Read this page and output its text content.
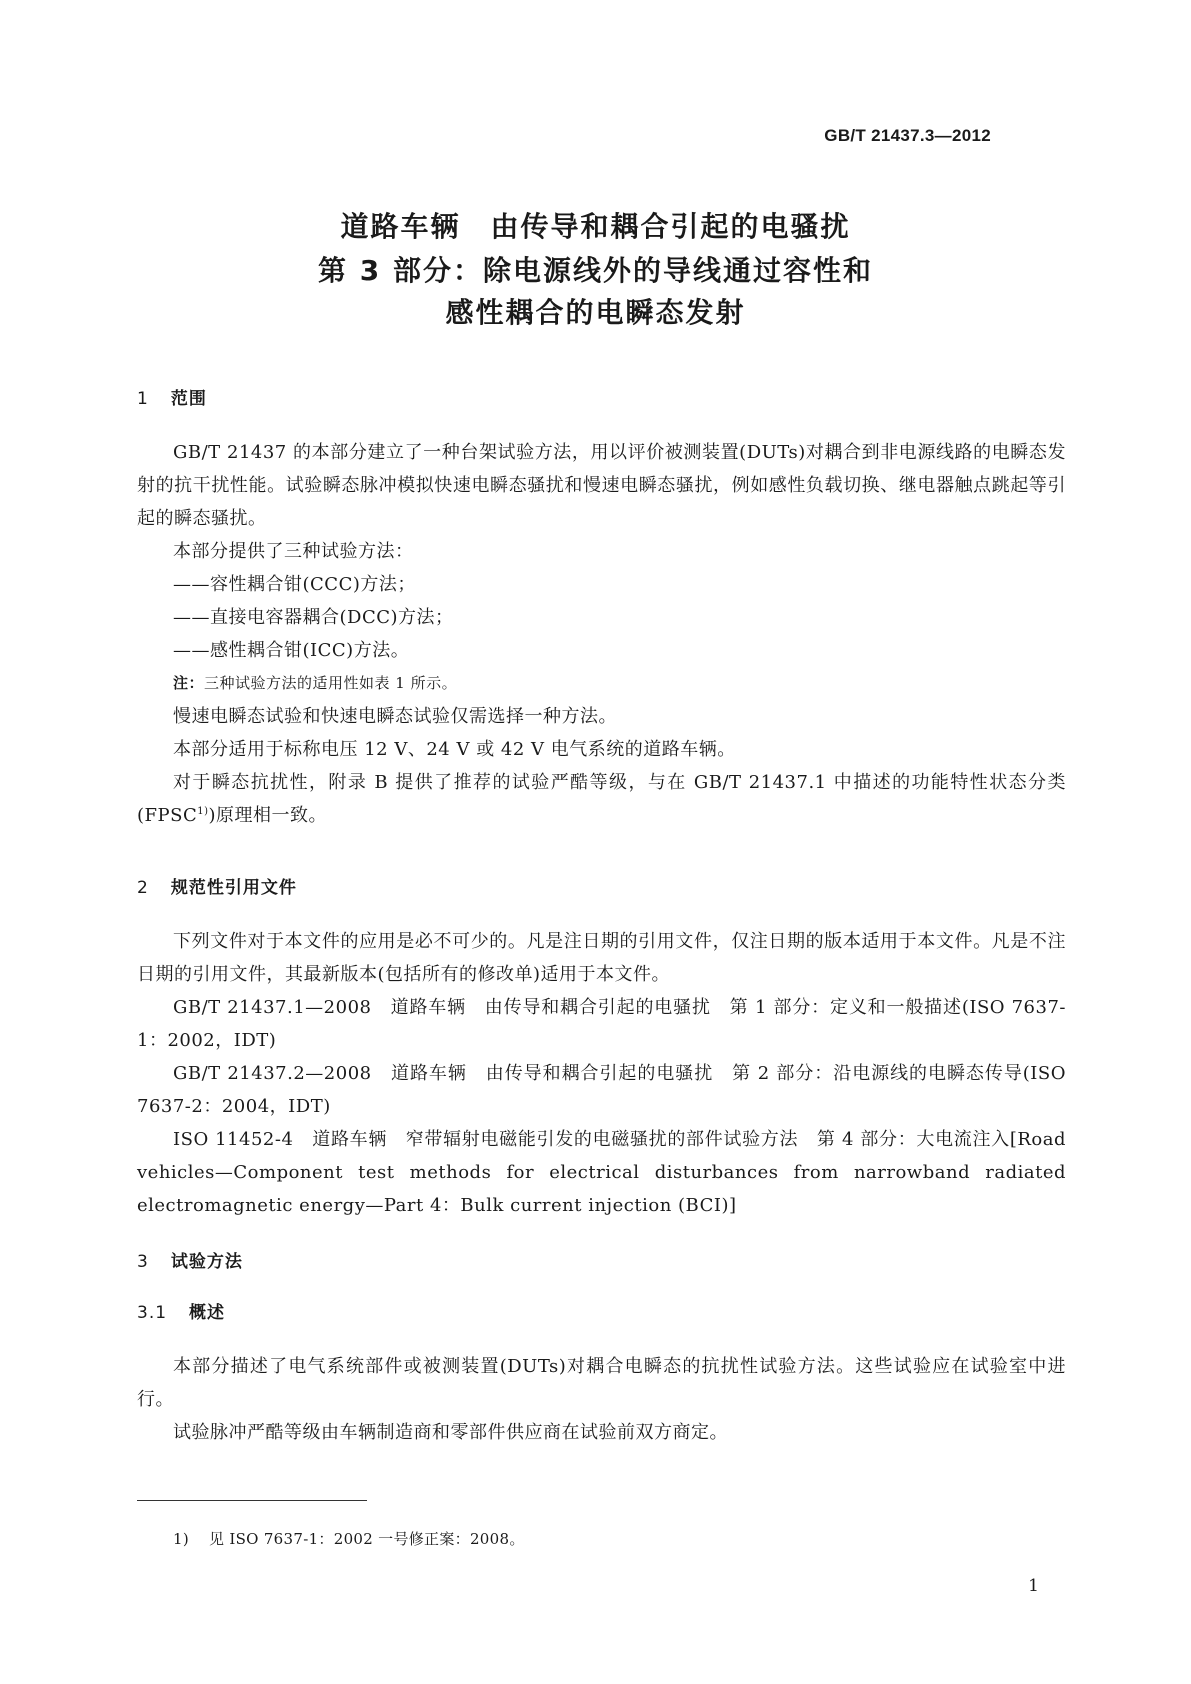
GB/T 21437.3—2012
道路车辆　由传导和耦合引起的电骚扰
第 3 部分：除电源线外的导线通过容性和
感性耦合的电瞬态发射
1 范围
GB/T 21437 的本部分建立了一种台架试验方法，用以评价被测装置(DUTs)对耦合到非电源线路的电瞬态发射的抗干扰性能。试验瞬态脉冲模拟快速电瞬态骚扰和慢速电瞬态骚扰，例如感性负载切换、继电器触点跳起等引起的瞬态骚扰。
本部分提供了三种试验方法：
——容性耦合钳(CCC)方法；
——直接电容器耦合(DCC)方法；
——感性耦合钳(ICC)方法。
注：三种试验方法的适用性如表 1 所示。
慢速电瞬态试验和快速电瞬态试验仅需选择一种方法。
本部分适用于标称电压 12 V、24 V 或 42 V 电气系统的道路车辆。
对于瞬态抗扰性，附录 B 提供了推荐的试验严酷等级，与在 GB/T 21437.1 中描述的功能特性状态分类(FPSC$^{1)}$)原理相一致。
2 规范性引用文件
下列文件对于本文件的应用是必不可少的。凡是注日期的引用文件，仅注日期的版本适用于本文件。凡是不注日期的引用文件，其最新版本(包括所有的修改单)适用于本文件。
GB/T 21437.1—2008　道路车辆　由传导和耦合引起的电骚扰　第 1 部分：定义和一般描述(ISO 7637-1：2002，IDT)
GB/T 21437.2—2008　道路车辆　由传导和耦合引起的电骚扰　第 2 部分：沿电源线的电瞬态传导(ISO 7637-2：2004，IDT)
ISO 11452-4　道路车辆　窄带辐射电磁能引发的电磁骚扰的部件试验方法　第 4 部分：大电流注入[Road vehicles—Component test methods for electrical disturbances from narrowband radiated electromagnetic energy—Part 4：Bulk current injection (BCI)]
3 试验方法
3.1 概述
本部分描述了电气系统部件或被测装置(DUTs)对耦合电瞬态的抗扰性试验方法。这些试验应在试验室中进行。
试验脉冲严酷等级由车辆制造商和零部件供应商在试验前双方商定。
1) 见 ISO 7637-1：2002 一号修正案：2008。
1
